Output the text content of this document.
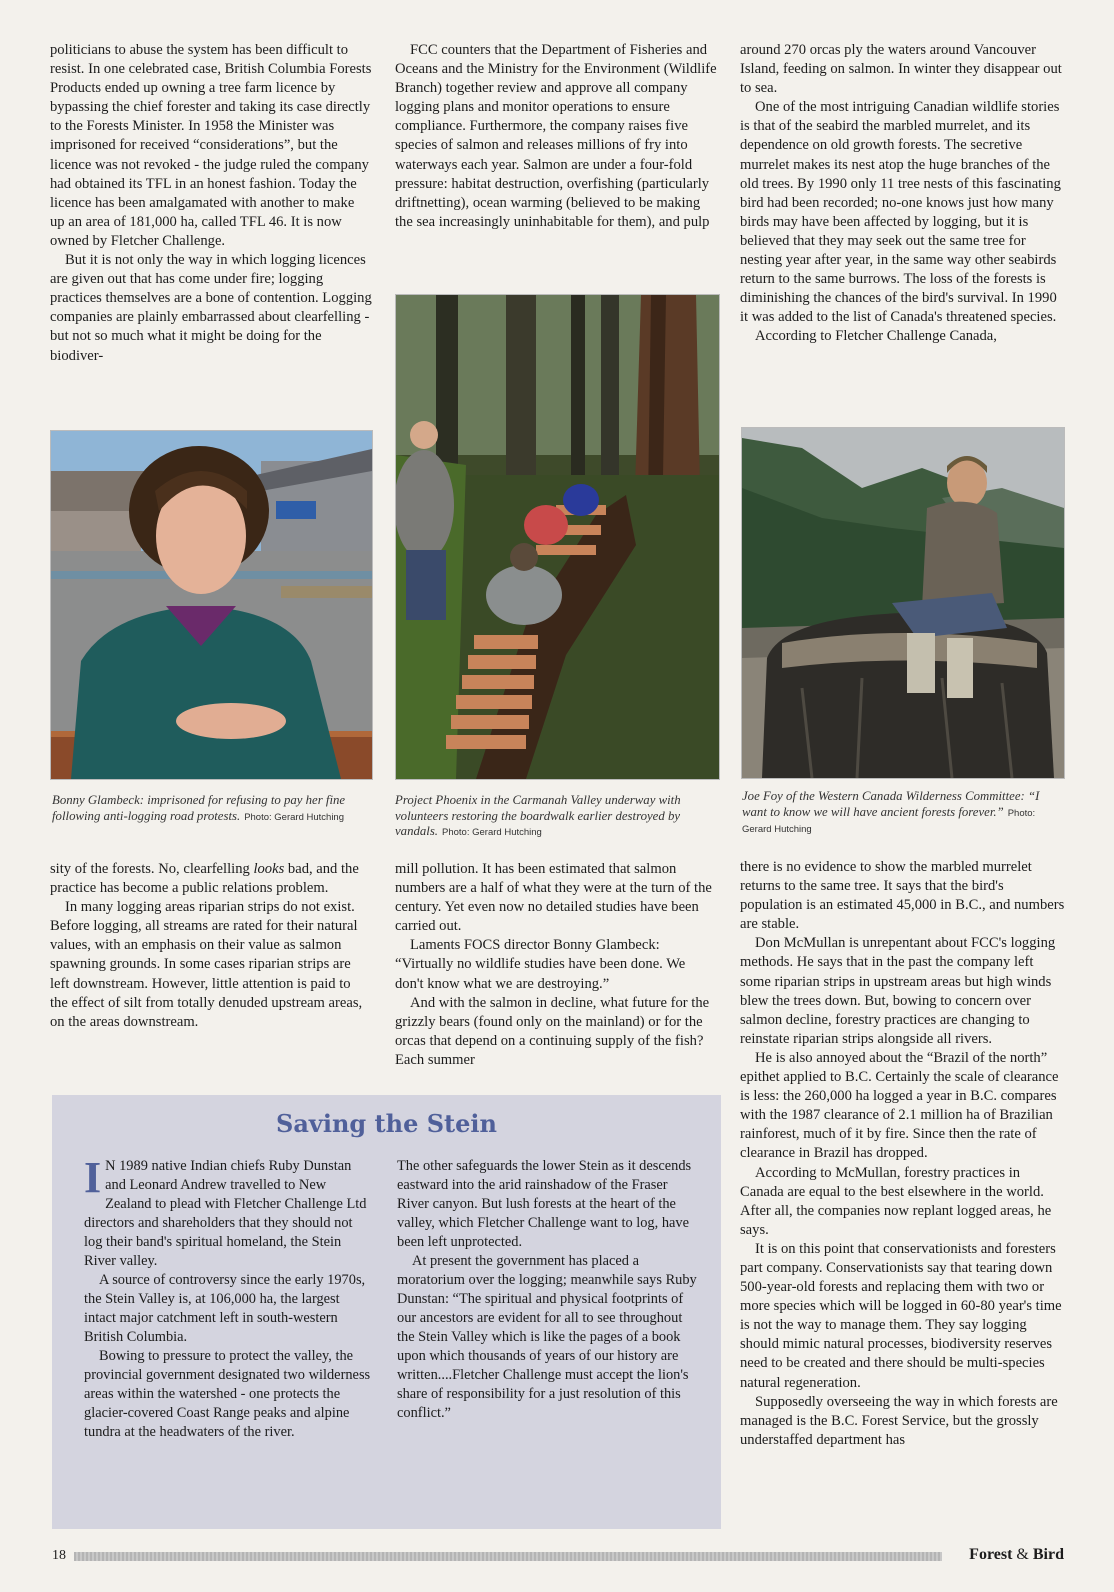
politicians to abuse the system has been difficult to resist. In one celebrated case, British Columbia Forests Products ended up owning a tree farm licence by bypassing the chief forester and taking its case directly to the Forests Minister. In 1958 the Minister was imprisoned for received “considerations”, but the licence was not revoked - the judge ruled the company had obtained its TFL in an honest fashion. Today the licence has been amalgamated with another to make up an area of 181,000 ha, called TFL 46. It is now owned by Fletcher Challenge.

But it is not only the way in which logging licences are given out that has come under fire; logging practices themselves are a bone of contention. Logging companies are plainly embarrassed about clearfelling - but not so much what it might be doing for the biodiver-

FCC counters that the Department of Fisheries and Oceans and the Ministry for the Environment (Wildlife Branch) together review and approve all company logging plans and monitor operations to ensure compliance. Furthermore, the company raises five species of salmon and releases millions of fry into waterways each year. Salmon are under a four-fold pressure: habitat destruction, overfishing (particularly driftnetting), ocean warming (believed to be making the sea increasingly uninhabitable for them), and pulp

around 270 orcas ply the waters around Vancouver Island, feeding on salmon. In winter they disappear out to sea.

One of the most intriguing Canadian wildlife stories is that of the seabird the marbled murrelet, and its dependence on old growth forests. The secretive murrelet makes its nest atop the huge branches of the old trees. By 1990 only 11 tree nests of this fascinating bird had been recorded; no-one knows just how many birds may have been affected by logging, but it is believed that they may seek out the same tree for nesting year after year, in the same way other seabirds return to the same burrows. The loss of the forests is diminishing the chances of the bird's survival. In 1990 it was added to the list of Canada's threatened species.

According to Fletcher Challenge Canada,

Bonny Glambeck: imprisoned for refusing to pay her fine following anti-logging road protests. Photo: Gerard Hutching
Project Phoenix in the Carmanah Valley underway with volunteers restoring the boardwalk earlier destroyed by vandals. Photo: Gerard Hutching
Joe Foy of the Western Canada Wilderness Committee: “I want to know we will have ancient forests forever.” Photo: Gerard Hutching

sity of the forests. No, clearfelling looks bad, and the practice has become a public relations problem.

In many logging areas riparian strips do not exist. Before logging, all streams are rated for their natural values, with an emphasis on their value as salmon spawning grounds. In some cases riparian strips are left downstream. However, little attention is paid to the effect of silt from totally denuded upstream areas, on the areas downstream.

mill pollution. It has been estimated that salmon numbers are a half of what they were at the turn of the century. Yet even now no detailed studies have been carried out.

Laments FOCS director Bonny Glambeck: “Virtually no wildlife studies have been done. We don't know what we are destroying.”

And with the salmon in decline, what future for the grizzly bears (found only on the mainland) or for the orcas that depend on a continuing supply of the fish? Each summer

there is no evidence to show the marbled murrelet returns to the same tree. It says that the bird's population is an estimated 45,000 in B.C., and numbers are stable.

Don McMullan is unrepentant about FCC's logging methods. He says that in the past the company left some riparian strips in upstream areas but high winds blew the trees down. But, bowing to concern over salmon decline, forestry practices are changing to reinstate riparian strips alongside all rivers.

He is also annoyed about the “Brazil of the north” epithet applied to B.C. Certainly the scale of clearance is less: the 260,000 ha logged a year in B.C. compares with the 1987 clearance of 2.1 million ha of Brazilian rainforest, much of it by fire. Since then the rate of clearance in Brazil has dropped.

According to McMullan, forestry practices in Canada are equal to the best elsewhere in the world. After all, the companies now replant logged areas, he says.

It is on this point that conservationists and foresters part company. Conservationists say that tearing down 500-year-old forests and replacing them with two or more species which will be logged in 60-80 year's time is not the way to manage them. They say logging should mimic natural processes, biodiversity reserves need to be created and there should be multi-species natural regeneration.

Supposedly overseeing the way in which forests are managed is the B.C. Forest Service, but the grossly understaffed department has

Saving the Stein

I N 1989 native Indian chiefs Ruby Dunstan and Leonard Andrew travelled to New Zealand to plead with Fletcher Challenge Ltd directors and shareholders that they should not log their band's spiritual homeland, the Stein River valley.

A source of controversy since the early 1970s, the Stein Valley is, at 106,000 ha, the largest intact major catchment left in south-western British Columbia.

Bowing to pressure to protect the valley, the provincial government designated two wilderness areas within the watershed - one protects the glacier-covered Coast Range peaks and alpine tundra at the headwaters of the river.

The other safeguards the lower Stein as it descends eastward into the arid rainshadow of the Fraser River canyon. But lush forests at the heart of the valley, which Fletcher Challenge want to log, have been left unprotected.

At present the government has placed a moratorium over the logging; meanwhile says Ruby Dunstan: “The spiritual and physical footprints of our ancestors are evident for all to see throughout the Stein Valley which is like the pages of a book upon which thousands of years of our history are written....Fletcher Challenge must accept the lion's share of responsibility for a just resolution of this conflict.”

18	Forest & Bird
